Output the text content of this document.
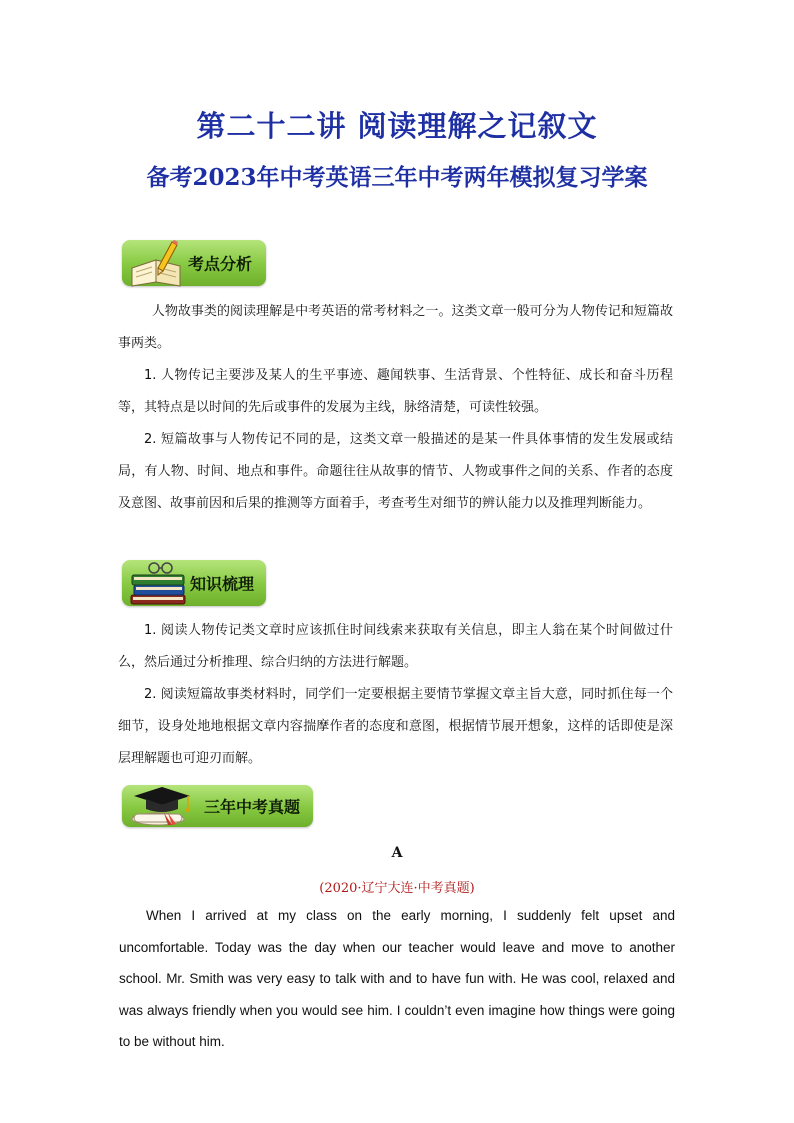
第二十二讲 阅读理解之记叙文
备考2023年中考英语三年中考两年模拟复习学案
考点分析

人物故事类的阅读理解是中考英语的常考材料之一。这类文章一般可分为人物传记和短篇故事两类。

1. 人物传记主要涉及某人的生平事迹、趣闻轶事、生活背景、个性特征、成长和奋斗历程等，其特点是以时间的先后或事件的发展为主线，脉络清楚，可读性较强。

2. 短篇故事与人物传记不同的是，这类文章一般描述的是某一件具体事情的发生发展或结局，有人物、时间、地点和事件。命题往往从故事的情节、人物或事件之间的关系、作者的态度及意图、故事前因和后果的推测等方面着手，考查考生对细节的辨认能力以及推理判断能力。

知识梳理

1. 阅读人物传记类文章时应该抓住时间线索来获取有关信息，即主人翁在某个时间做过什么，然后通过分析推理、综合归纳的方法进行解题。

2. 阅读短篇故事类材料时，同学们一定要根据主要情节掌握文章主旨大意，同时抓住每一个细节，设身处地地根据文章内容揣摩作者的态度和意图，根据情节展开想象，这样的话即使是深层理解题也可迎刃而解。

三年中考真题
A
(2020·辽宁大连·中考真题)

When I arrived at my class on the early morning, I suddenly felt upset and uncomfortable. Today was the day when our teacher would leave and move to another school. Mr. Smith was very easy to talk with and to have fun with. He was cool, relaxed and was always friendly when you would see him. I couldn’t even imagine how things were going to be without him.
